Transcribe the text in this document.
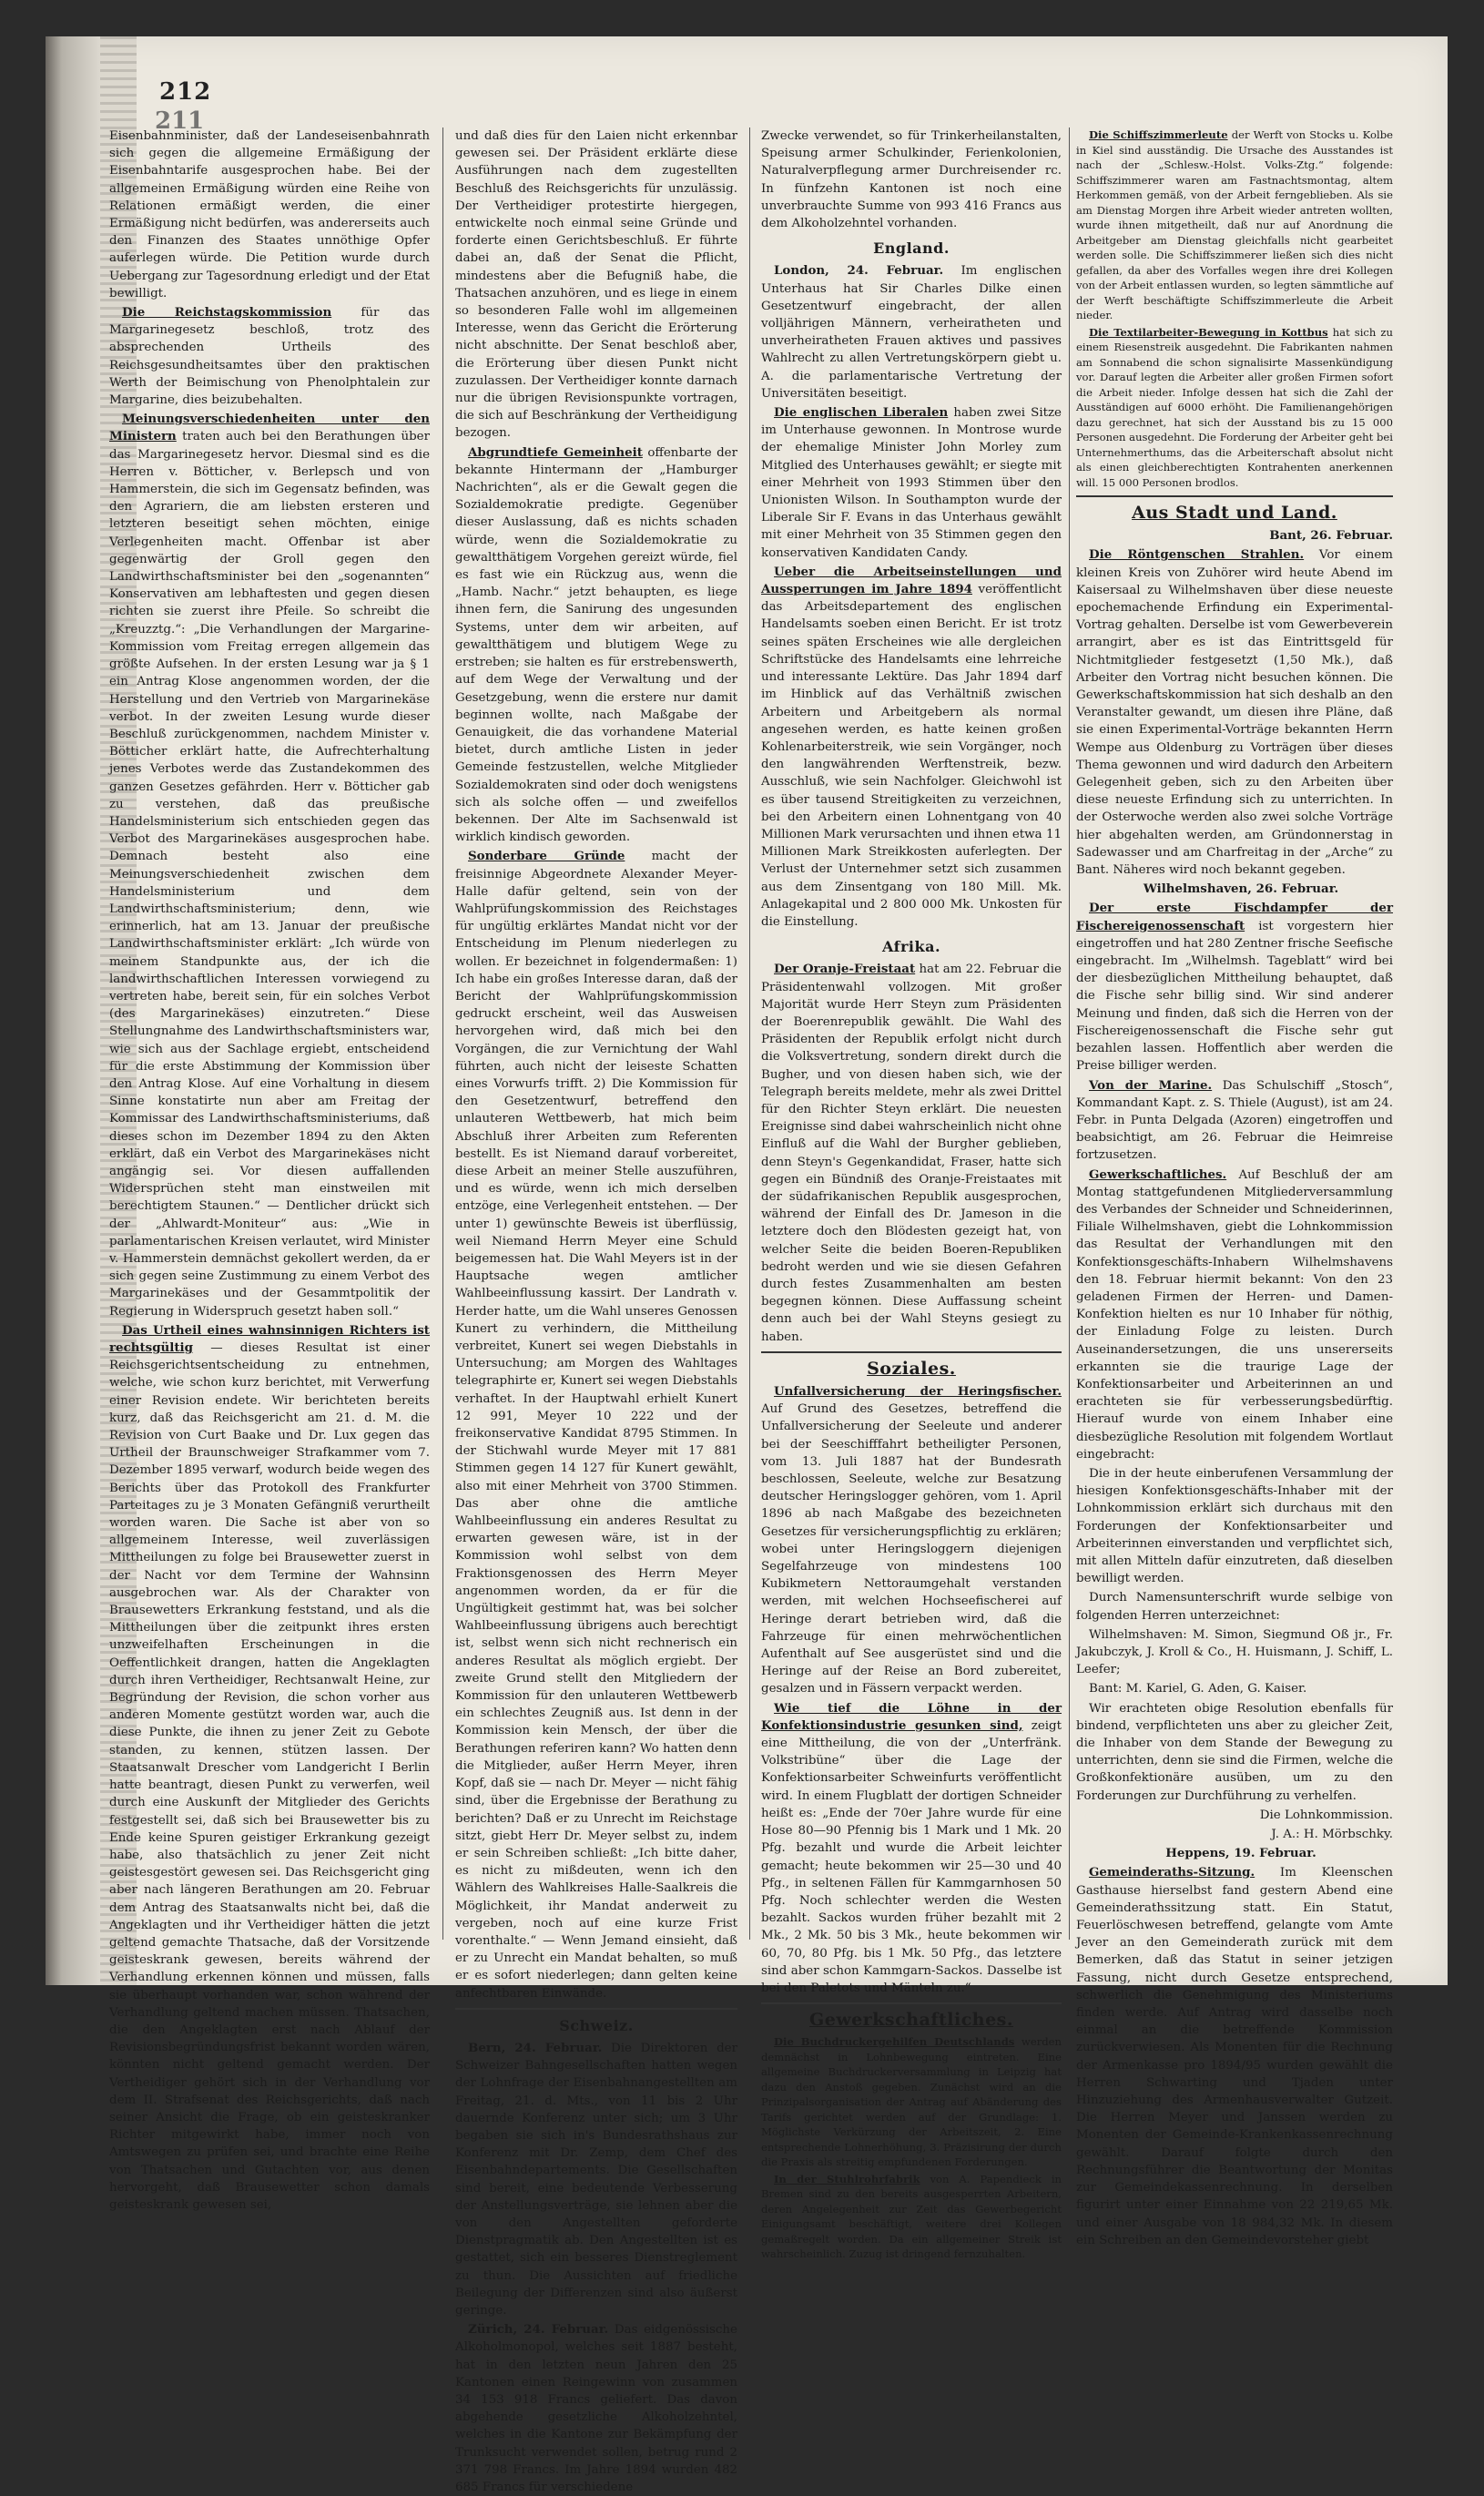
212
211

Eisenbahnminister, daß der Landeseisenbahnrath sich gegen die allgemeine Ermäßigung der Eisenbahntarife ausgesprochen habe. Bei der allgemeinen Ermäßigung würden eine Reihe von Relationen ermäßigt werden, die einer Ermäßigung nicht bedürfen, was andererseits auch den Finanzen des Staates unnöthige Opfer auferlegen würde. Die Petition wurde durch Uebergang zur Tagesordnung erledigt und der Etat bewilligt.

Die Reichstagskommission für das Margarinegesetz beschloß, trotz des absprechenden Urtheils des Reichsgesundheitsamtes über den praktischen Werth der Beimischung von Phenolphtalein zur Margarine, dies beizubehalten.

Meinungsverschiedenheiten unter den Ministern traten auch bei den Berathungen über das Margarinegesetz hervor. Diesmal sind es die Herren v. Bötticher, v. Berlepsch und von Hammerstein, die sich im Gegensatz befinden, was den Agrariern, die am liebsten ersteren und letzteren beseitigt sehen möchten, einige Verlegenheiten macht. Offenbar ist aber gegenwärtig der Groll gegen den Landwirthschaftsminister bei den „sogenannten“ Konservativen am lebhaftesten und gegen diesen richten sie zuerst ihre Pfeile. So schreibt die „Kreuzztg.“: „Die Verhandlungen der Margarine-Kommission vom Freitag erregen allgemein das größte Aufsehen. In der ersten Lesung war ja § 1 ein Antrag Klose angenommen worden, der die Herstellung und den Vertrieb von Margarinekäse verbot. In der zweiten Lesung wurde dieser Beschluß zurückgenommen, nachdem Minister v. Bötticher erklärt hatte, die Aufrechterhaltung jenes Verbotes werde das Zustandekommen des ganzen Gesetzes gefährden. Herr v. Bötticher gab zu verstehen, daß das preußische Handelsministerium sich entschieden gegen das Verbot des Margarinekäses ausgesprochen habe. Demnach besteht also eine Meinungsverschiedenheit zwischen dem Handelsministerium und dem Landwirthschaftsministerium; denn, wie erinnerlich, hat am 13. Januar der preußische Landwirthschaftsminister erklärt: „Ich würde von meinem Standpunkte aus, der ich die landwirthschaftlichen Interessen vorwiegend zu vertreten habe, bereit sein, für ein solches Verbot (des Margarinekäses) einzutreten.“ Diese Stellungnahme des Landwirthschaftsministers war, wie sich aus der Sachlage ergiebt, entscheidend für die erste Abstimmung der Kommission über den Antrag Klose. Auf eine Vorhaltung in diesem Sinne konstatirte nun aber am Freitag der Kommissar des Landwirthschaftsministeriums, daß dieses schon im Dezember 1894 zu den Akten erklärt, daß ein Verbot des Margarinekäses nicht angängig sei. Vor diesen auffallenden Widersprüchen steht man einstweilen mit berechtigtem Staunen.“ — Dentlicher drückt sich der „Ahlwardt-Moniteur“ aus: „Wie in parlamentarischen Kreisen verlautet, wird Minister v. Hammerstein demnächst gekollert werden, da er sich gegen seine Zustimmung zu einem Verbot des Margarinekäses und der Gesammtpolitik der Regierung in Widerspruch gesetzt haben soll.“

Das Urtheil eines wahnsinnigen Richters ist rechtsgültig — dieses Resultat ist einer Reichsgerichtsentscheidung zu entnehmen, welche, wie schon kurz berichtet, mit Verwerfung einer Revision endete. Wir berichteten bereits kurz, daß das Reichsgericht am 21. d. M. die Revision von Curt Baake und Dr. Lux gegen das Urtheil der Braunschweiger Strafkammer vom 7. Dezember 1895 verwarf, wodurch beide wegen des Berichts über das Protokoll des Frankfurter Parteitages zu je 3 Monaten Gefängniß verurtheilt worden waren. Die Sache ist aber von so allgemeinem Interesse, weil zuverlässigen Mittheilungen zu folge bei Brausewetter zuerst in der Nacht vor dem Termine der Wahnsinn ausgebrochen war. Als der Charakter von Brausewetters Erkrankung feststand, und als die Mittheilungen über die zeitpunkt ihres ersten unzweifelhaften Erscheinungen in die Oeffentlichkeit drangen, hatten die Angeklagten durch ihren Vertheidiger, Rechtsanwalt Heine, zur Begründung der Revision, die schon vorher aus anderen Momente gestützt worden war, auch die diese Punkte, die ihnen zu jener Zeit zu Gebote standen, zu kennen, stützen lassen. Der Staatsanwalt Drescher vom Landgericht I Berlin hatte beantragt, diesen Punkt zu verwerfen, weil durch eine Auskunft der Mitglieder des Gerichts festgestellt sei, daß sich bei Brausewetter bis zu Ende keine Spuren geistiger Erkrankung gezeigt habe, also thatsächlich zu jener Zeit nicht geistesgestört gewesen sei. Das Reichsgericht ging aber nach längeren Berathungen am 20. Februar dem Antrag des Staatsanwalts nicht bei, daß die Angeklagten und ihr Vertheidiger hätten die jetzt geltend gemachte Thatsache, daß der Vorsitzende geisteskrank gewesen, bereits während der Verhandlung erkennen können und müssen, falls sie überhaupt vorhanden war, schon während der Verhandlung geltend machen müssen. Thatsachen, die den Angeklagten erst nach Ablauf der Revisionsbegründungsfrist bekannt worden wären, könnten nicht geltend gemacht werden. Der Vertheidiger gehört sich in der Verhandlung vor dem II. Strafsenat des Reichsgerichts, daß nach seiner Ansicht die Frage, ob ein geisteskranker Richter mitgewirkt habe, immer noch von Amtswegen zu prüfen sei, und brachte eine Reihe von Thatsachen und Gutachten vor, aus denen hervorgeht, daß Brausewetter schon damals geisteskrank gewesen sei,

und daß dies für den Laien nicht erkennbar gewesen sei. Der Präsident erklärte diese Ausführungen nach dem zugestellten Beschluß des Reichsgerichts für unzulässig. Der Vertheidiger protestirte hiergegen, entwickelte noch einmal seine Gründe und forderte einen Gerichtsbeschluß. Er führte dabei an, daß der Senat die Pflicht, mindestens aber die Befugniß habe, die Thatsachen anzuhören, und es liege in einem so besonderen Falle wohl im allgemeinen Interesse, wenn das Gericht die Erörterung nicht abschnitte. Der Senat beschloß aber, die Erörterung über diesen Punkt nicht zuzulassen. Der Vertheidiger konnte darnach nur die übrigen Revisionspunkte vortragen, die sich auf Beschränkung der Vertheidigung bezogen.

Abgrundtiefe Gemeinheit offenbarte der bekannte Hintermann der „Hamburger Nachrichten“, als er die Gewalt gegen die Sozialdemokratie predigte. Gegenüber dieser Auslassung, daß es nichts schaden würde, wenn die Sozialdemokratie zu gewaltthätigem Vorgehen gereizt würde, fiel es fast wie ein Rückzug aus, wenn die „Hamb. Nachr.“ jetzt behaupten, es liege ihnen fern, die Sanirung des ungesunden Systems, unter dem wir arbeiten, auf gewaltthätigem und blutigem Wege zu erstreben; sie halten es für erstrebenswerth, auf dem Wege der Verwaltung und der Gesetzgebung, wenn die erstere nur damit beginnen wollte, nach Maßgabe der Genauigkeit, die das vorhandene Material bietet, durch amtliche Listen in jeder Gemeinde festzustellen, welche Mitglieder Sozialdemokraten sind oder doch wenigstens sich als solche offen — und zweifellos bekennen. Der Alte im Sachsenwald ist wirklich kindisch geworden.

Sonderbare Gründe macht der freisinnige Abgeordnete Alexander Meyer-Halle dafür geltend, sein von der Wahlprüfungskommission des Reichstages für ungültig erklärtes Mandat nicht vor der Entscheidung im Plenum niederlegen zu wollen. Er bezeichnet in folgendermaßen: 1) Ich habe ein großes Interesse daran, daß der Bericht der Wahlprüfungskommission gedruckt erscheint, weil das Ausweisen hervorgehen wird, daß mich bei den Vorgängen, die zur Vernichtung der Wahl führten, auch nicht der leiseste Schatten eines Vorwurfs trifft. 2) Die Kommission für den Gesetzentwurf, betreffend den unlauteren Wettbewerb, hat mich beim Abschluß ihrer Arbeiten zum Referenten bestellt. Es ist Niemand darauf vorbereitet, diese Arbeit an meiner Stelle auszuführen, und es würde, wenn ich mich derselben entzöge, eine Verlegenheit entstehen. — Der unter 1) gewünschte Beweis ist überflüssig, weil Niemand Herrn Meyer eine Schuld beigemessen hat. Die Wahl Meyers ist in der Hauptsache wegen amtlicher Wahlbeeinflussung kassirt. Der Landrath v. Herder hatte, um die Wahl unseres Genossen Kunert zu verhindern, die Mittheilung verbreitet, Kunert sei wegen Diebstahls in Untersuchung; am Morgen des Wahltages telegraphirte er, Kunert sei wegen Diebstahls verhaftet. In der Hauptwahl erhielt Kunert 12 991, Meyer 10 222 und der freikonservative Kandidat 8795 Stimmen. In der Stichwahl wurde Meyer mit 17 881 Stimmen gegen 14 127 für Kunert gewählt, also mit einer Mehrheit von 3700 Stimmen. Das aber ohne die amtliche Wahlbeeinflussung ein anderes Resultat zu erwarten gewesen wäre, ist in der Kommission wohl selbst von dem Fraktionsgenossen des Herrn Meyer angenommen worden, da er für die Ungültigkeit gestimmt hat, was bei solcher Wahlbeeinflussung übrigens auch berechtigt ist, selbst wenn sich nicht rechnerisch ein anderes Resultat als möglich ergiebt. Der zweite Grund stellt den Mitgliedern der Kommission für den unlauteren Wettbewerb ein schlechtes Zeugniß aus. Ist denn in der Kommission kein Mensch, der über die Berathungen referiren kann? Wo hatten denn die Mitglieder, außer Herrn Meyer, ihren Kopf, daß sie — nach Dr. Meyer — nicht fähig sind, über die Ergebnisse der Berathung zu berichten? Daß er zu Unrecht im Reichstage sitzt, giebt Herr Dr. Meyer selbst zu, indem er sein Schreiben schließt: „Ich bitte daher, es nicht zu mißdeuten, wenn ich den Wählern des Wahlkreises Halle-Saalkreis die Möglichkeit, ihr Mandat anderweit zu vergeben, noch auf eine kurze Frist vorenthalte.“ — Wenn Jemand einsieht, daß er zu Unrecht ein Mandat behalten, so muß er es sofort niederlegen; dann gelten keine anfechtbaren Einwände.

Schweiz.

Bern, 24. Februar. Die Direktoren der Schweizer Bahngesellschaften hatten wegen der Lohnfrage der Eisenbahnangestellten am Freitag, 21. d. Mts., von 11 bis 2 Uhr dauernde Konferenz unter sich; um 3 Uhr begaben sie sich in's Bundesrathshaus zur Konferenz mit Dr. Zemp, dem Chef des Eisenbahndepartements. Die Gesellschaften sind bereit, eine bedeutende Verbesserung der Anstellungsverträge, sie lehnen aber die von den Angestellten geforderte Dienstpragmatik ab. Den Angestellten ist es gestattet, sich ein besseres Dienstreglement zu thun. Die Aussichten auf friedliche Beilegung der Differenzen sind also äußerst geringe.

Zürich, 24. Februar. Das eidgenössische Alkoholmonopol, welches seit 1887 besteht, hat in den letzten neun Jahren den 25 Kantonen einen Reingewinn von zusammen 34 153 918 Francs geliefert. Das davon abgehende gesetzliche Alkoholzehntel, welches in die Kantone zur Bekämpfung der Trunksucht verwendet sollen, betrug rund 2 371 798 Francs. Im Jahre 1894 wurden 482 685 Francs für verschiedene

Zwecke verwendet, so für Trinkerheilanstalten, Speisung armer Schulkinder, Ferienkolonien, Naturalverpflegung armer Durchreisender rc. In fünfzehn Kantonen ist noch eine unverbrauchte Summe von 993 416 Francs aus dem Alkoholzehntel vorhanden.

England.

London, 24. Februar. Im englischen Unterhaus hat Sir Charles Dilke einen Gesetzentwurf eingebracht, der allen volljährigen Männern, verheiratheten und unverheiratheten Frauen aktives und passives Wahlrecht zu allen Vertretungskörpern giebt u. A. die parlamentarische Vertretung der Universitäten beseitigt.

Die englischen Liberalen haben zwei Sitze im Unterhause gewonnen. In Montrose wurde der ehemalige Minister John Morley zum Mitglied des Unterhauses gewählt; er siegte mit einer Mehrheit von 1993 Stimmen über den Unionisten Wilson. In Southampton wurde der Liberale Sir F. Evans in das Unterhaus gewählt mit einer Mehrheit von 35 Stimmen gegen den konservativen Kandidaten Candy.

Ueber die Arbeitseinstellungen und Aussperrungen im Jahre 1894 veröffentlicht das Arbeitsdepartement des englischen Handelsamts soeben einen Bericht. Er ist trotz seines späten Erscheines wie alle dergleichen Schriftstücke des Handelsamts eine lehrreiche und interessante Lektüre. Das Jahr 1894 darf im Hinblick auf das Verhältniß zwischen Arbeitern und Arbeitgebern als normal angesehen werden, es hatte keinen großen Kohlenarbeiterstreik, wie sein Vorgänger, noch den langwährenden Werftenstreik, bezw. Ausschluß, wie sein Nachfolger. Gleichwohl ist es über tausend Streitigkeiten zu verzeichnen, bei den Arbeitern einen Lohnentgang von 40 Millionen Mark verursachten und ihnen etwa 11 Millionen Mark Streikkosten auferlegten. Der Verlust der Unternehmer setzt sich zusammen aus dem Zinsentgang von 180 Mill. Mk. Anlagekapital und 2 800 000 Mk. Unkosten für die Einstellung.

Afrika.

Der Oranje-Freistaat hat am 22. Februar die Präsidentenwahl vollzogen. Mit großer Majorität wurde Herr Steyn zum Präsidenten der Boerenrepublik gewählt. Die Wahl des Präsidenten der Republik erfolgt nicht durch die Volksvertretung, sondern direkt durch die Bugher, und von diesen haben sich, wie der Telegraph bereits meldete, mehr als zwei Drittel für den Richter Steyn erklärt. Die neuesten Ereignisse sind dabei wahrscheinlich nicht ohne Einfluß auf die Wahl der Burgher geblieben, denn Steyn's Gegenkandidat, Fraser, hatte sich gegen ein Bündniß des Oranje-Freistaates mit der südafrikanischen Republik ausgesprochen, während der Einfall des Dr. Jameson in die letztere doch den Blödesten gezeigt hat, von welcher Seite die beiden Boeren-Republiken bedroht werden und wie sie diesen Gefahren durch festes Zusammenhalten am besten begegnen können. Diese Auffassung scheint denn auch bei der Wahl Steyns gesiegt zu haben.

Soziales.

Unfallversicherung der Heringsfischer. Auf Grund des Gesetzes, betreffend die Unfallversicherung der Seeleute und anderer bei der Seeschifffahrt betheiligter Personen, vom 13. Juli 1887 hat der Bundesrath beschlossen, Seeleute, welche zur Besatzung deutscher Heringslogger gehören, vom 1. April 1896 ab nach Maßgabe des bezeichneten Gesetzes für versicherungspflichtig zu erklären; wobei unter Heringsloggern diejenigen Segelfahrzeuge von mindestens 100 Kubikmetern Nettoraumgehalt verstanden werden, mit welchen Hochseefischerei auf Heringe derart betrieben wird, daß die Fahrzeuge für einen mehrwöchentlichen Aufenthalt auf See ausgerüstet sind und die Heringe auf der Reise an Bord zubereitet, gesalzen und in Fässern verpackt werden.

Wie tief die Löhne in der Konfektionsindustrie gesunken sind, zeigt eine Mittheilung, die von der „Unterfränk. Volkstribüne“ über die Lage der Konfektionsarbeiter Schweinfurts veröffentlicht wird. In einem Flugblatt der dortigen Schneider heißt es: „Ende der 70er Jahre wurde für eine Hose 80—90 Pfennig bis 1 Mark und 1 Mk. 20 Pfg. bezahlt und wurde die Arbeit leichter gemacht; heute bekommen wir 25—30 und 40 Pfg., in seltenen Fällen für Kammgarnhosen 50 Pfg. Noch schlechter werden die Westen bezahlt. Sackos wurden früher bezahlt mit 2 Mk., 2 Mk. 50 bis 3 Mk., heute bekommen wir 60, 70, 80 Pfg. bis 1 Mk. 50 Pfg., das letztere sind aber schon Kammgarn-Sackos. Dasselbe ist bei den Paletots und Mänteln zu.“

Gewerkschaftliches.

Die Buchdruckergehilfen Deutschlands werden demnächst in Lohnbewegung eintreten. Eine allgemeine Buchdruckerversammlung in Leipzig hat dazu den Anstoß gegeben. Zunächst wird an die Prinzipalsorganisation der Antrag auf Abänderung des Tarifs gerichtet werden auf der Grundlage: 1. Möglichste Verkürzung der Arbeitszeit, 2. Eine entsprechende Lohnerhöhung, 3. Präzisirung der durch die Praxis als streitig empfundenen Forderungen.

In der Stuhlrohrfabrik von A. Papendieck in Bremen sind zu den bereits ausgesperrten Arbeitern, deren Angelegenheit zur Zeit das Gewerbegericht Einigungsamt beschäftigt, weitere drei Kollegen gemaßregelt worden. Da ein allgemeiner Streik ist wahrscheinlich. Zuzug ist dringend fernzuhalten.

Die Schiffszimmerleute der Werft von Stocks u. Kolbe in Kiel sind ausständig. Die Ursache des Ausstandes ist nach der „Schlesw.-Holst. Volks-Ztg.“ folgende: Schiffszimmerer waren am Fastnachtsmontag, altem Herkommen gemäß, von der Arbeit ferngeblieben. Als sie am Dienstag Morgen ihre Arbeit wieder antreten wollten, wurde ihnen mitgetheilt, daß nur auf Anordnung die Arbeitgeber am Dienstag gleichfalls nicht gearbeitet werden solle. Die Schiffszimmerer ließen sich dies nicht gefallen, da aber des Vorfalles wegen ihre drei Kollegen von der Arbeit entlassen wurden, so legten sämmtliche auf der Werft beschäftigte Schiffszimmerleute die Arbeit nieder.

Die Textilarbeiter-Bewegung in Kottbus hat sich zu einem Riesenstreik ausgedehnt. Die Fabrikanten nahmen am Sonnabend die schon signalisirte Massenkündigung vor. Darauf legten die Arbeiter aller großen Firmen sofort die Arbeit nieder. Infolge dessen hat sich die Zahl der Ausständigen auf 6000 erhöht. Die Familienangehörigen dazu gerechnet, hat sich der Ausstand bis zu 15 000 Personen ausgedehnt. Die Forderung der Arbeiter geht bei Unternehmerthums, das die Arbeiterschaft absolut nicht als einen gleichberechtigten Kontrahenten anerkennen will. 15 000 Personen brodlos.

Aus Stadt und Land.

Bant, 26. Februar.

Die Röntgenschen Strahlen. Vor einem kleinen Kreis von Zuhörer wird heute Abend im Kaisersaal zu Wilhelmshaven über diese neueste epochemachende Erfindung ein Experimental-Vortrag gehalten. Derselbe ist vom Gewerbeverein arrangirt, aber es ist das Eintrittsgeld für Nichtmitglieder festgesetzt (1,50 Mk.), daß Arbeiter den Vortrag nicht besuchen können. Die Gewerkschaftskommission hat sich deshalb an den Veranstalter gewandt, um diesen ihre Pläne, daß sie einen Experimental-Vorträge bekannten Herrn Wempe aus Oldenburg zu Vorträgen über dieses Thema gewonnen und wird dadurch den Arbeitern Gelegenheit geben, sich zu den Arbeiten über diese neueste Erfindung sich zu unterrichten. In der Osterwoche werden also zwei solche Vorträge hier abgehalten werden, am Gründonnerstag in Sadewasser und am Charfreitag in der „Arche“ zu Bant. Näheres wird noch bekannt gegeben.

Wilhelmshaven, 26. Februar.

Der erste Fischdampfer der Fischereigenossenschaft ist vorgestern hier eingetroffen und hat 280 Zentner frische Seefische eingebracht. Im „Wilhelmsh. Tageblatt“ wird bei der diesbezüglichen Mittheilung behauptet, daß die Fische sehr billig sind. Wir sind anderer Meinung und finden, daß sich die Herren von der Fischereigenossenschaft die Fische sehr gut bezahlen lassen. Hoffentlich aber werden die Preise billiger werden.

Von der Marine. Das Schulschiff „Stosch“, Kommandant Kapt. z. S. Thiele (August), ist am 24. Febr. in Punta Delgada (Azoren) eingetroffen und beabsichtigt, am 26. Februar die Heimreise fortzusetzen.

Gewerkschaftliches. Auf Beschluß der am Montag stattgefundenen Mitgliederversammlung des Verbandes der Schneider und Schneiderinnen, Filiale Wilhelmshaven, giebt die Lohnkommission das Resultat der Verhandlungen mit den Konfektionsgeschäfts-Inhabern Wilhelmshavens den 18. Februar hiermit bekannt: Von den 23 geladenen Firmen der Herren- und Damen-Konfektion hielten es nur 10 Inhaber für nöthig, der Einladung Folge zu leisten. Durch Auseinandersetzungen, die uns unsererseits erkannten sie die traurige Lage der Konfektionsarbeiter und Arbeiterinnen an und erachteten sie für verbesserungsbedürftig. Hierauf wurde von einem Inhaber eine diesbezügliche Resolution mit folgendem Wortlaut eingebracht:

Die in der heute einberufenen Versammlung der hiesigen Konfektionsgeschäfts-Inhaber mit der Lohnkommission erklärt sich durchaus mit den Forderungen der Konfektionsarbeiter und Arbeiterinnen einverstanden und verpflichtet sich, mit allen Mitteln dafür einzutreten, daß dieselben bewilligt werden.

Durch Namensunterschrift wurde selbige von folgenden Herren unterzeichnet:

Wilhelmshaven: M. Simon, Siegmund Oß jr., Fr. Jakubczyk, J. Kroll & Co., H. Huismann, J. Schiff, L. Leefer;

Bant: M. Kariel, G. Aden, G. Kaiser.

Wir erachteten obige Resolution ebenfalls für bindend, verpflichteten uns aber zu gleicher Zeit, die Inhaber von dem Stande der Bewegung zu unterrichten, denn sie sind die Firmen, welche die Großkonfektionäre ausüben, um zu den Forderungen zur Durchführung zu verhelfen.

Die Lohnkommission.

J. A.: H. Mörbschky.

Heppens, 19. Februar.

Gemeinderaths-Sitzung. Im Kleenschen Gasthause hierselbst fand gestern Abend eine Gemeinderathssitzung statt. Ein Statut, Feuerlöschwesen betreffend, gelangte vom Amte Jever an den Gemeinderath zurück mit dem Bemerken, daß das Statut in seiner jetzigen Fassung, nicht durch Gesetze entsprechend, schwerlich die Genehmigung des Ministeriums finden werde. Auf Antrag wird dasselbe noch einmal an die betreffende Kommission zurückverwiesen. Als Monenten für die Rechnung der Armenkasse pro 1894/95 wurden gewählt die Herren Schwarting und Tjaden unter Hinzuziehung des Armenhausverwalter Gutzeit. Die Herren Meyer und Janssen werden zu Monenten der Gemeinde-Krankenkassenrechnung gewählt. Darauf folgte durch den Rechnungsführer die Beantwortung der Monitas zur Gemeindekassenrechnung. In derselben figurirt unter einer Einnahme von 22 219,65 Mk. und einer Ausgabe von 18 984,32 Mk. In diesem ein Schreiben an den Gemeindevorsteher giebt
